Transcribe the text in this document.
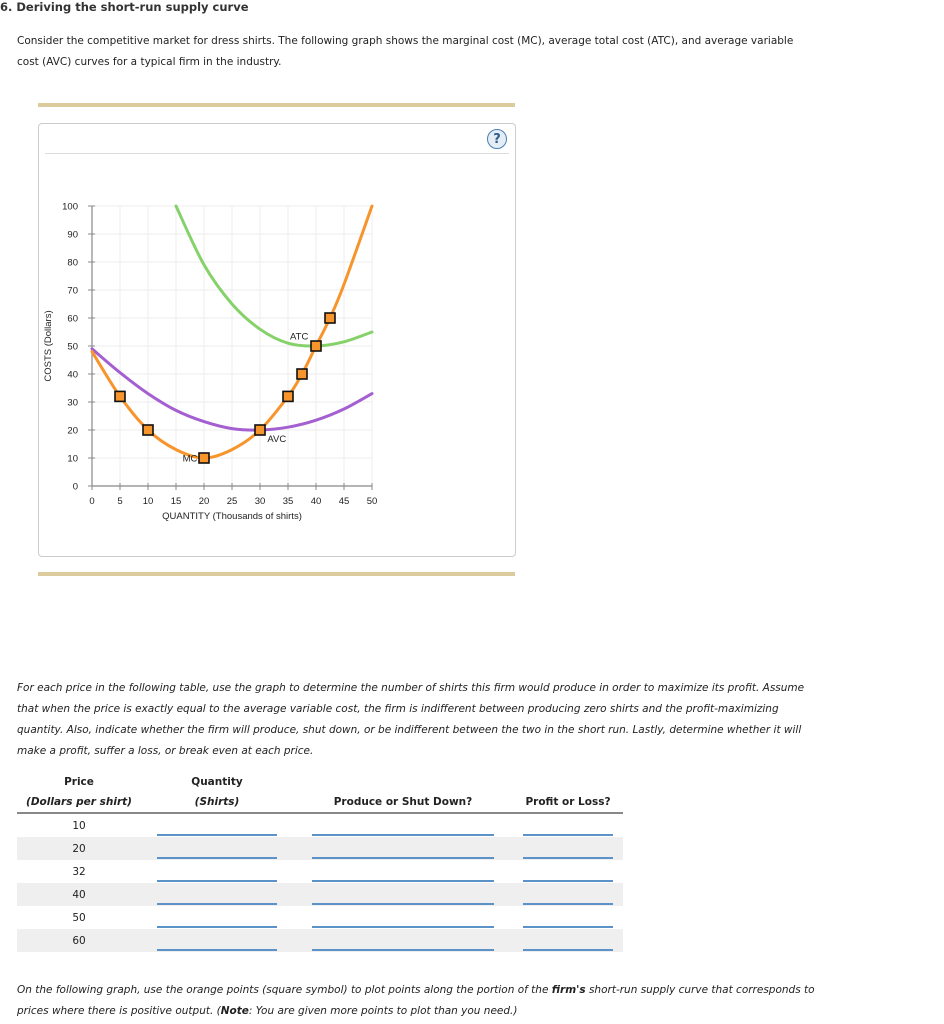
6. Deriving the short-run supply curve
Consider the competitive market for dress shirts. The following graph shows the marginal cost (MC), average total cost (ATC), and average variable cost (AVC) curves for a typical firm in the industry.
?
0
10
20
30
40
50
60
70
80
90
100
0 5 10 15 20 25 30 35 40 45 50
QUANTITY (Thousands of shirts)
COSTS (Dollars)
MC
ATC
AVC
For each price in the following table, use the graph to determine the number of shirts this firm would produce in order to maximize its profit. Assume that when the price is exactly equal to the average variable cost, the firm is indifferent between producing zero shirts and the profit-maximizing quantity. Also, indicate whether the firm will produce, shut down, or be indifferent between the two in the short run. Lastly, determine whether it will make a profit, suffer a loss, or break even at each price.
Price	Quantity		
(Dollars per shirt)	(Shirts)	Produce or Shut Down?	Profit or Loss?
10	

20	

32	

40	

50	

60	

On the following graph, use the orange points (square symbol) to plot points along the portion of the firm's short-run supply curve that corresponds to prices where there is positive output. (Note: You are given more points to plot than you need.)
